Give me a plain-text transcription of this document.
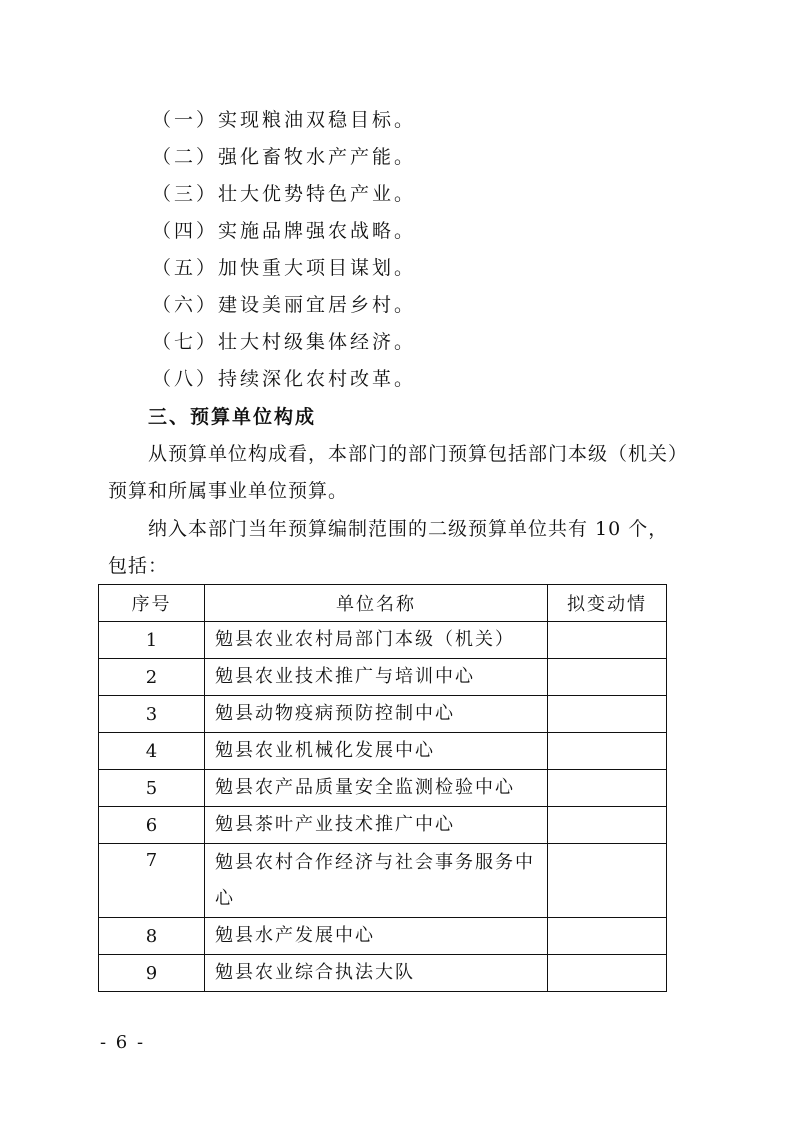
（一）实现粮油双稳目标。
（二）强化畜牧水产产能。
（三）壮大优势特色产业。
（四）实施品牌强农战略。
（五）加快重大项目谋划。
（六）建设美丽宜居乡村。
（七）壮大村级集体经济。
（八）持续深化农村改革。
三、预算单位构成
从预算单位构成看，本部门的部门预算包括部门本级（机关）
预算和所属事业单位预算。
纳入本部门当年预算编制范围的二级预算单位共有 10 个，
包括：
序号	单位名称	拟变动情
1	勉县农业农村局部门本级（机关）	
2	勉县农业技术推广与培训中心	
3	勉县动物疫病预防控制中心	
4	勉县农业机械化发展中心	
5	勉县农产品质量安全监测检验中心	
6	勉县茶叶产业技术推广中心	
7	勉县农村合作经济与社会事务服务中心	
8	勉县水产发展中心	
9	勉县农业综合执法大队	
- 6 -
